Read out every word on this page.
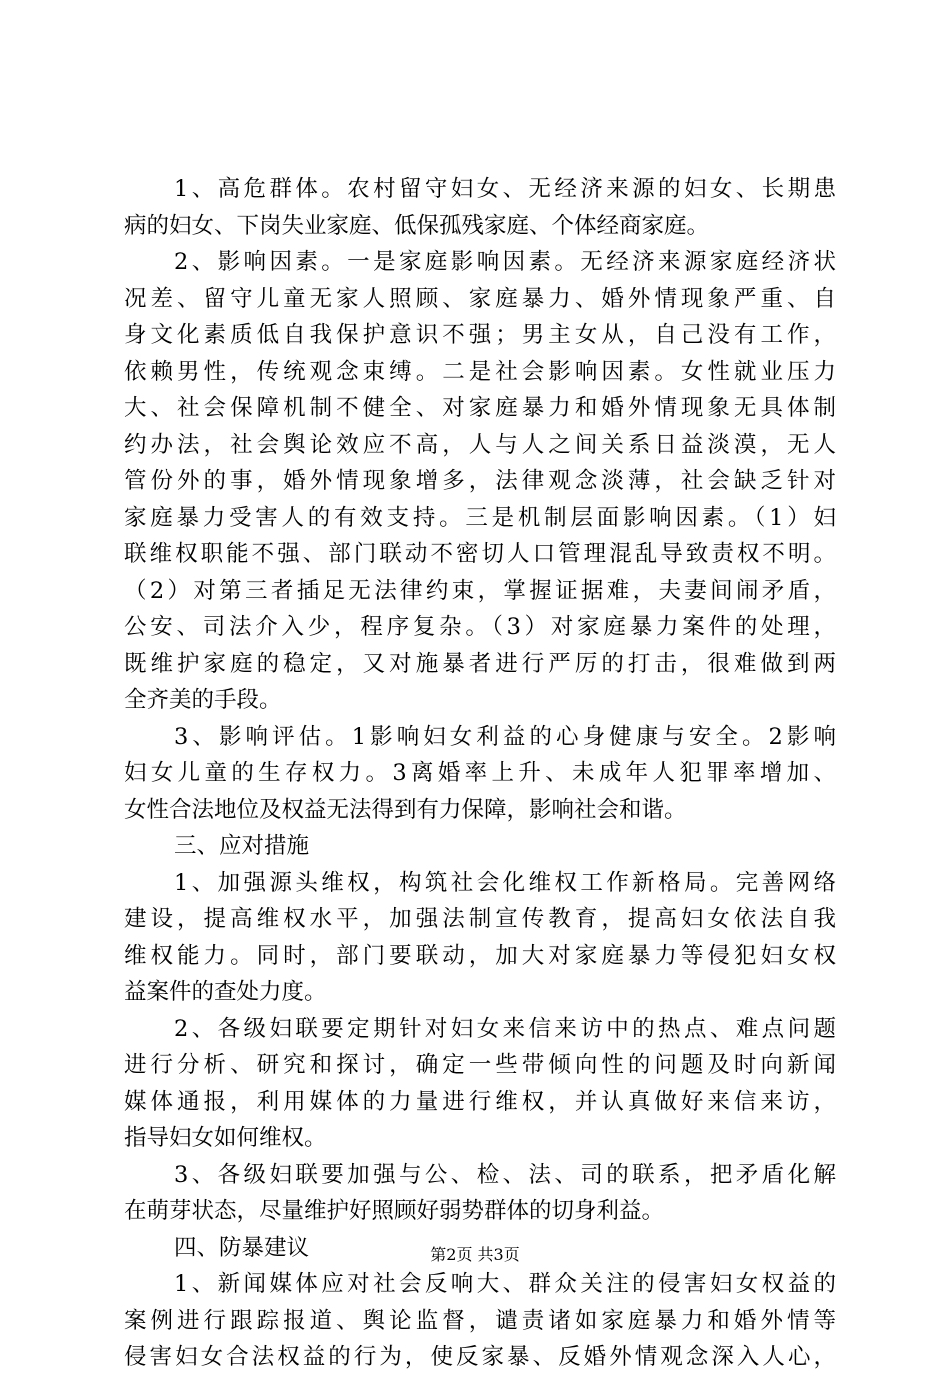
1、高危群体。农村留守妇女、无经济来源的妇女、长期患
病的妇女、下岗失业家庭、低保孤残家庭、个体经商家庭。
2、影响因素。一是家庭影响因素。无经济来源家庭经济状
况差、留守儿童无家人照顾、家庭暴力、婚外情现象严重、自
身文化素质低自我保护意识不强；男主女从，自己没有工作，
依赖男性，传统观念束缚。二是社会影响因素。女性就业压力
大、社会保障机制不健全、对家庭暴力和婚外情现象无具体制
约办法，社会舆论效应不高，人与人之间关系日益淡漠，无人
管份外的事，婚外情现象增多，法律观念淡薄，社会缺乏针对
家庭暴力受害人的有效支持。三是机制层面影响因素。（1）妇
联维权职能不强、部门联动不密切人口管理混乱导致责权不明。
（2）对第三者插足无法律约束，掌握证据难，夫妻间闹矛盾，
公安、司法介入少，程序复杂。（3）对家庭暴力案件的处理，
既维护家庭的稳定，又对施暴者进行严厉的打击，很难做到两
全齐美的手段。
3、影响评估。1影响妇女利益的心身健康与安全。2影响
妇女儿童的生存权力。3离婚率上升、未成年人犯罪率增加、
女性合法地位及权益无法得到有力保障，影响社会和谐。
三、应对措施
1、加强源头维权，构筑社会化维权工作新格局。完善网络
建设，提高维权水平，加强法制宣传教育，提高妇女依法自我
维权能力。同时，部门要联动，加大对家庭暴力等侵犯妇女权
益案件的查处力度。
2、各级妇联要定期针对妇女来信来访中的热点、难点问题
进行分析、研究和探讨，确定一些带倾向性的问题及时向新闻
媒体通报，利用媒体的力量进行维权，并认真做好来信来访，
指导妇女如何维权。
3、各级妇联要加强与公、检、法、司的联系，把矛盾化解
在萌芽状态，尽量维护好照顾好弱势群体的切身利益。
四、防暴建议
1、新闻媒体应对社会反响大、群众关注的侵害妇女权益的
案例进行跟踪报道、舆论监督，谴责诸如家庭暴力和婚外情等
侵害妇女合法权益的行为，使反家暴、反婚外情观念深入人心，
第2页 共3页
